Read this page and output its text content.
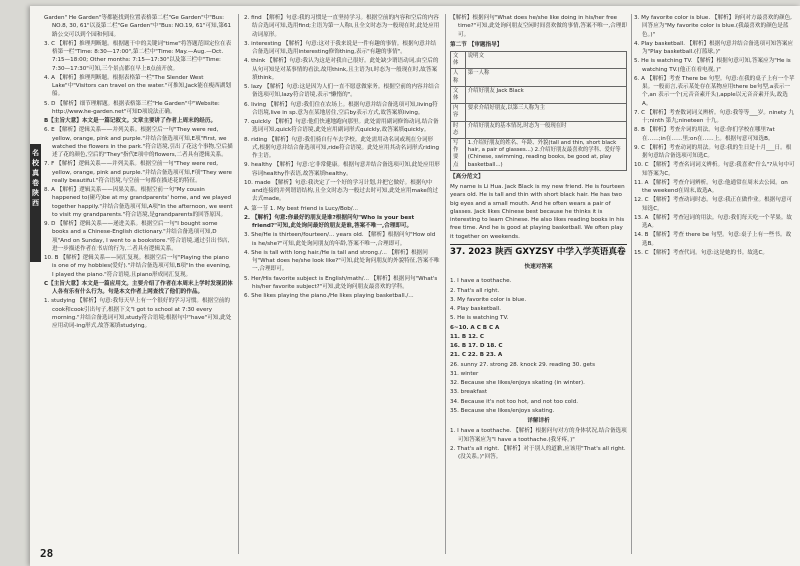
名校真卷
陕西

Garden" He Garden"等都能找到位置表格第二栏"Ge Garden"中"Bus: NO.8, 30, 61"以及第二栏"Ge Garden"中"Bus: NO.19, 61"可知,第61路公交可以到个园和何园。

3. C 【解析】推理判断题。根据题干中的关键词"time"将答题范围定位在表格第一栏"Time: 8:30—17:00",第二栏中"Time: May.—Aug.—Oct. 7:15—18:00; Other months: 7:15—17:30"以及第三栏中"Time: 7:30—17:30"可知,三个景点都在早上8点前开放。

4. A 【解析】推理判断题。根据表格第一栏"The Slender West Lake"中"Visitors can travel on the water."可推知,Jack能在瘦西湖划船。

5. D 【解析】细节理解题。根据表格第三栏"He Garden"中"Website: http://www.he-garden.net"可知D项说法正确。

B【主旨大意】本文是一篇记叙文。文章主要讲了作者上周末的经历。

6. E 【解析】逻辑关系——并列关系。根据空后一句"They were red, yellow, orange, pink and purple."并结合备选项可知,E项"First, we watched the flowers in the park."符合语境,引出了花这个事物,空后描述了花的颜色,空后的"They"指代E项中的flowers,二者具有逻辑关系。

7. F 【解析】逻辑关系——并列关系。根据空前一句"They were red, yellow, orange, pink and purple."并结合备选项可知,F项"They were really beautiful."符合语境,与空前一句都在描述花的特征。

8. A 【解析】逻辑关系——因果关系。根据空前一句"My cousin happened to(碰巧)be at my grandparents' home, and we played together happily."并结合备选项可知,A项"In the afternoon, we went to visit my grandparents."符合语境,是grandparents的回答原因。

9. D 【解析】逻辑关系——递进关系。根据空后一句"I bought some books and a Chinese-English dictionary."并结合备选项可知,D项"And on Sunday, I went to a bookstore."符合语境,通过引出书店,进一步描述作者在书店的行为,二者具有逻辑关系。

10. B 【解析】逻辑关系——同汇复现。根据空后一句"Playing the piano is one of my hobbies(爱好)."并结合备选项可知,B项"In the evening, I played the piano."符合语境,且piano形成同汇复现。

C【主旨大意】本文是一篇应用文。主要介绍了作者在本周末上学时发现团体人各有乐有什么行为。句是本文作者上网查找了他们的作品。

1. studying 【解析】句意:我每天早上有一个很好的学习习惯。根据空前的cook和cook引出句子,根据下文"I got to school at 7:30 every morning."并结合备选词可知,study符合语境;根据句中"have"可知,此处应用动词-ing形式,故答案填studying。

2. find 【解析】句意:我的习惯是一直坚持学习。根据空前的内容和空后的内容结合选词可知,选用find;主语为第一人称I,且全文时态为一般现在时,此处应用动词原形。

3. interesting 【解析】句意:这对于我来说是一件有趣的事情。根据句意并结合备选词可知,选用interesting修饰thing,表示"有趣的事情"。

4. think 【解析】句意:我认为这是对我自己很好。此处缺少谓语动词,由空后的从句可知是对某事情的看法,故用think,且主语为I,时态为一般现在时,故答案填think。

5. lazy 【解析】句意:这是因为人们一直不愿意做家务。根据空前的内容并结合备选项可知,lazy符合语境,表示"懒惰的"。

6. living 【解析】句意:我们住在农场上。根据句意并结合备选项可知,living符合语境,live in sp.意为在某地居住,空后by表示方式,故答案填living。

7. quickly 【解析】句意:他们快速地跑向那里。此处需用副词修饰动词,结合备选词可知,quick符合语境,此处应用副词形式quickly,故答案填quickly。

8. riding 【解析】句意:我们骑自行车去学校。此处需用动名词或现在分词形式,根据句意并结合备选项可知,ride符合语境。此处应用其动名词形式riding作主语。

9. healthy 【解析】句意:它非常健康。根据句意并结合备选项可知,此处应用形容词healthy作表语,故答案填healthy。

10. made 【解析】句意:我决定了一个好的学习计划,并把它做好。根据句中and连接的并列谓语结构,且全文时态为一般过去时可知,此处应用make的过去式made。

A. 第一节 1. My best friend is Lucy/Bob/...

2. 【解析】句意:你最好的朋友是谁?根据问句"Who is your best friend?"可知,此处询问最好的朋友是谁,答案不唯一,合理即可。

3. She/He is thirteen/fourteen/... years old. 【解析】根据问句"How old is he/she?"可知,此处询问朋友的年龄,答案不唯一,合理即可。

4. She is tall with long hair./He is tall and strong./... 【解析】根据问句"What does he/she look like?"可知,此处询问朋友的外貌特征,答案不唯一,合理即可。

5. Her/His favorite subject is English/math/... 【解析】根据问句"What's his/her favorite subject?"可知,此处询问朋友最喜欢的学科。

6. She likes playing the piano./He likes playing basketball./...

【解析】根据问句"What does he/she like doing in his/her free time?"可知,此处询问朋友空闲时间喜欢做的事情,答案不唯一,合理即可。

第二节 【审题指导】

文体	说明文
人称	第一人称
文体	介绍好朋友 Jack Black
内容	要求介绍好朋友,以第三人称为主
时态	介绍好朋友的基本情况,时态为一般现在时
写作要点	1.介绍好朋友的姓名、年龄、外貌(tall and thin, short black hair, a pair of glasses...) 2.介绍好朋友最喜欢的学科、爱好等(Chinese, swimming, reading books, be good at, play basketball...)

【高分范文】

My name is Li Hua. Jack Black is my new friend. He is fourteen years old. He is tall and thin with short black hair. He has two big eyes and a small mouth. And he often wears a pair of glasses. Jack likes Chinese best because he thinks it is interesting to learn Chinese. He also likes reading books in his free time. And he is good at playing basketball. We often play it together on weekends.

37. 2023 陕西 GXYZSY 中学入学英语真卷

快速对答案

1. I have a toothache.

2. That's all right.

3. My favorite color is blue.

4. Play basketball.

5. He is watching TV.

6~10. A C B C A

11. B 12. C

16. B 17. D 18. C

21. C 22. B 23. A

26. sunny 27. strong 28. knock 29. reading 30. gets

31. winter

32. Because she likes/enjoys skating (in winter).

33. breakfast

34. Because it's not too hot, and not too cold.

35. Because she likes/enjoys skating.

详解详析

1. I have a toothache. 【解析】根据问句对方的身体状况,结合备选项可知答案应为"I have a toothache.(我牙疼。)"

2. That's all right. 【解析】对于别人的道歉,应该用"That's all right.(没关系。)"回答。

3. My favorite color is blue. 【解析】询问对方最喜欢的颜色,回答应为"My favorite color is blue.(我最喜欢的颜色是蓝色。)"

4. Play basketball. 【解析】根据句意并结合备选项可知答案应为"Play basketball.(打篮球。)"

5. He is watching TV. 【解析】根据句意可知,答案应为"He is watching TV.(他正在看电视。)"

6. A 【解析】考查 There be 句型。句意:在我的桌子上有一个苹果。一般而言,表示某处存在某物应用there be句型,a表示一个,an 表示一个(元音音素开头),apple以元音音素开头,故选A。

7. C 【解析】考查数词词义辨析。句意:我等等___岁。ninety 九十;ninth 第九;nineteen 十九。

8. B 【解析】考查介词的用法。句意:你们学校在哪里?at在……;in在……里;on在……上。根据句意可知选B。

9. C 【解析】考查动词的用法。句意:我的生日是十月___日。根据句意结合备选项可知选C。

10. C 【解析】考查名词词义辨析。句意:我喜欢"什么"?从句中可知答案为C。

11. A 【解析】考查介词辨析。句意:他通常在周末去公园。on the weekend在周末,故选A。

12. C 【解析】考查动词时态。句意:我正在做作业。根据句意可知选C。

13. A 【解析】考查冠词的用法。句意:我们每天吃一个苹果。故选A。

14. B 【解析】考查 there be 句型。句意:桌子上有一些书。故选B。

15. C 【解析】考查代词。句意:这是她的书。故选C。

28
